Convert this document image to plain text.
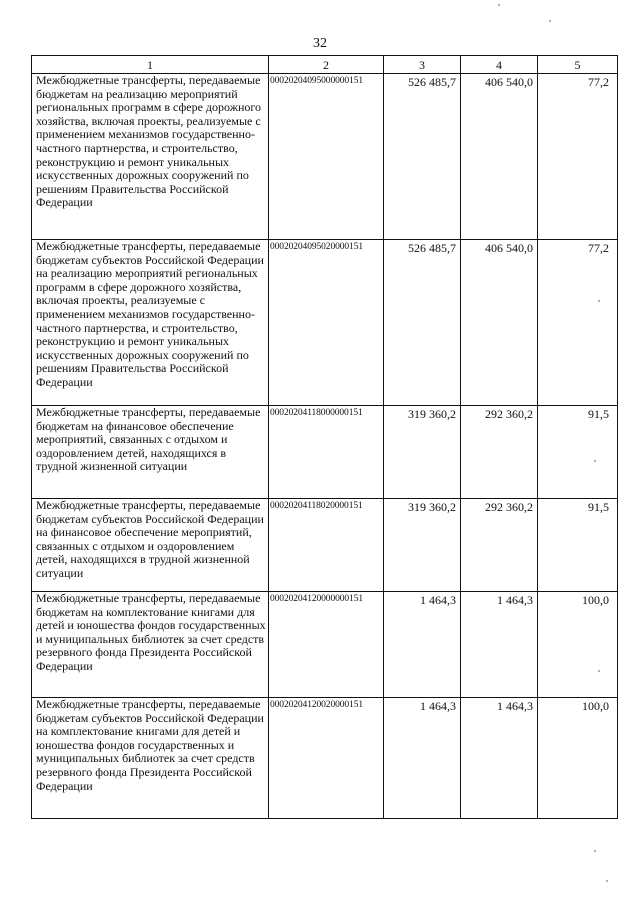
32
1	2	3	4	5
Межбюджетные трансферты, передаваемые бюджетам на реализацию мероприятий региональных программ в сфере дорожного хозяйства, включая проекты, реализуемые с применением механизмов государственно-частного партнерства, и строительство, реконструкцию и ремонт уникальных искусственных дорожных сооружений по решениям Правительства Российской Федерации	00020204095000000151	526 485,7	406 540,0	77,2
Межбюджетные трансферты, передаваемые бюджетам субъектов Российской Федерации на реализацию мероприятий региональных программ в сфере дорожного хозяйства, включая проекты, реализуемые с применением механизмов государственно-частного партнерства, и строительство, реконструкцию и ремонт уникальных искусственных дорожных сооружений по решениям Правительства Российской Федерации	00020204095020000151	526 485,7	406 540,0	77,2
Межбюджетные трансферты, передаваемые бюджетам на финансовое обеспечение мероприятий, связанных с отдыхом и оздоровлением детей, находящихся в трудной жизненной ситуации	00020204118000000151	319 360,2	292 360,2	91,5
Межбюджетные трансферты, передаваемые бюджетам субъектов Российской Федерации на финансовое обеспечение мероприятий, связанных с отдыхом и оздоровлением детей, находящихся в трудной жизненной ситуации	00020204118020000151	319 360,2	292 360,2	91,5
Межбюджетные трансферты, передаваемые бюджетам на комплектование книгами для детей и юношества фондов государственных и муниципальных библиотек за счет средств резервного фонда Президента Российской Федерации	00020204120000000151	1 464,3	1 464,3	100,0
Межбюджетные трансферты, передаваемые бюджетам субъектов Российской Федерации на комплектование книгами для детей и юношества фондов государственных и муниципальных библиотек за счет средств резервного фонда Президента Российской Федерации	00020204120020000151	1 464,3	1 464,3	100,0
